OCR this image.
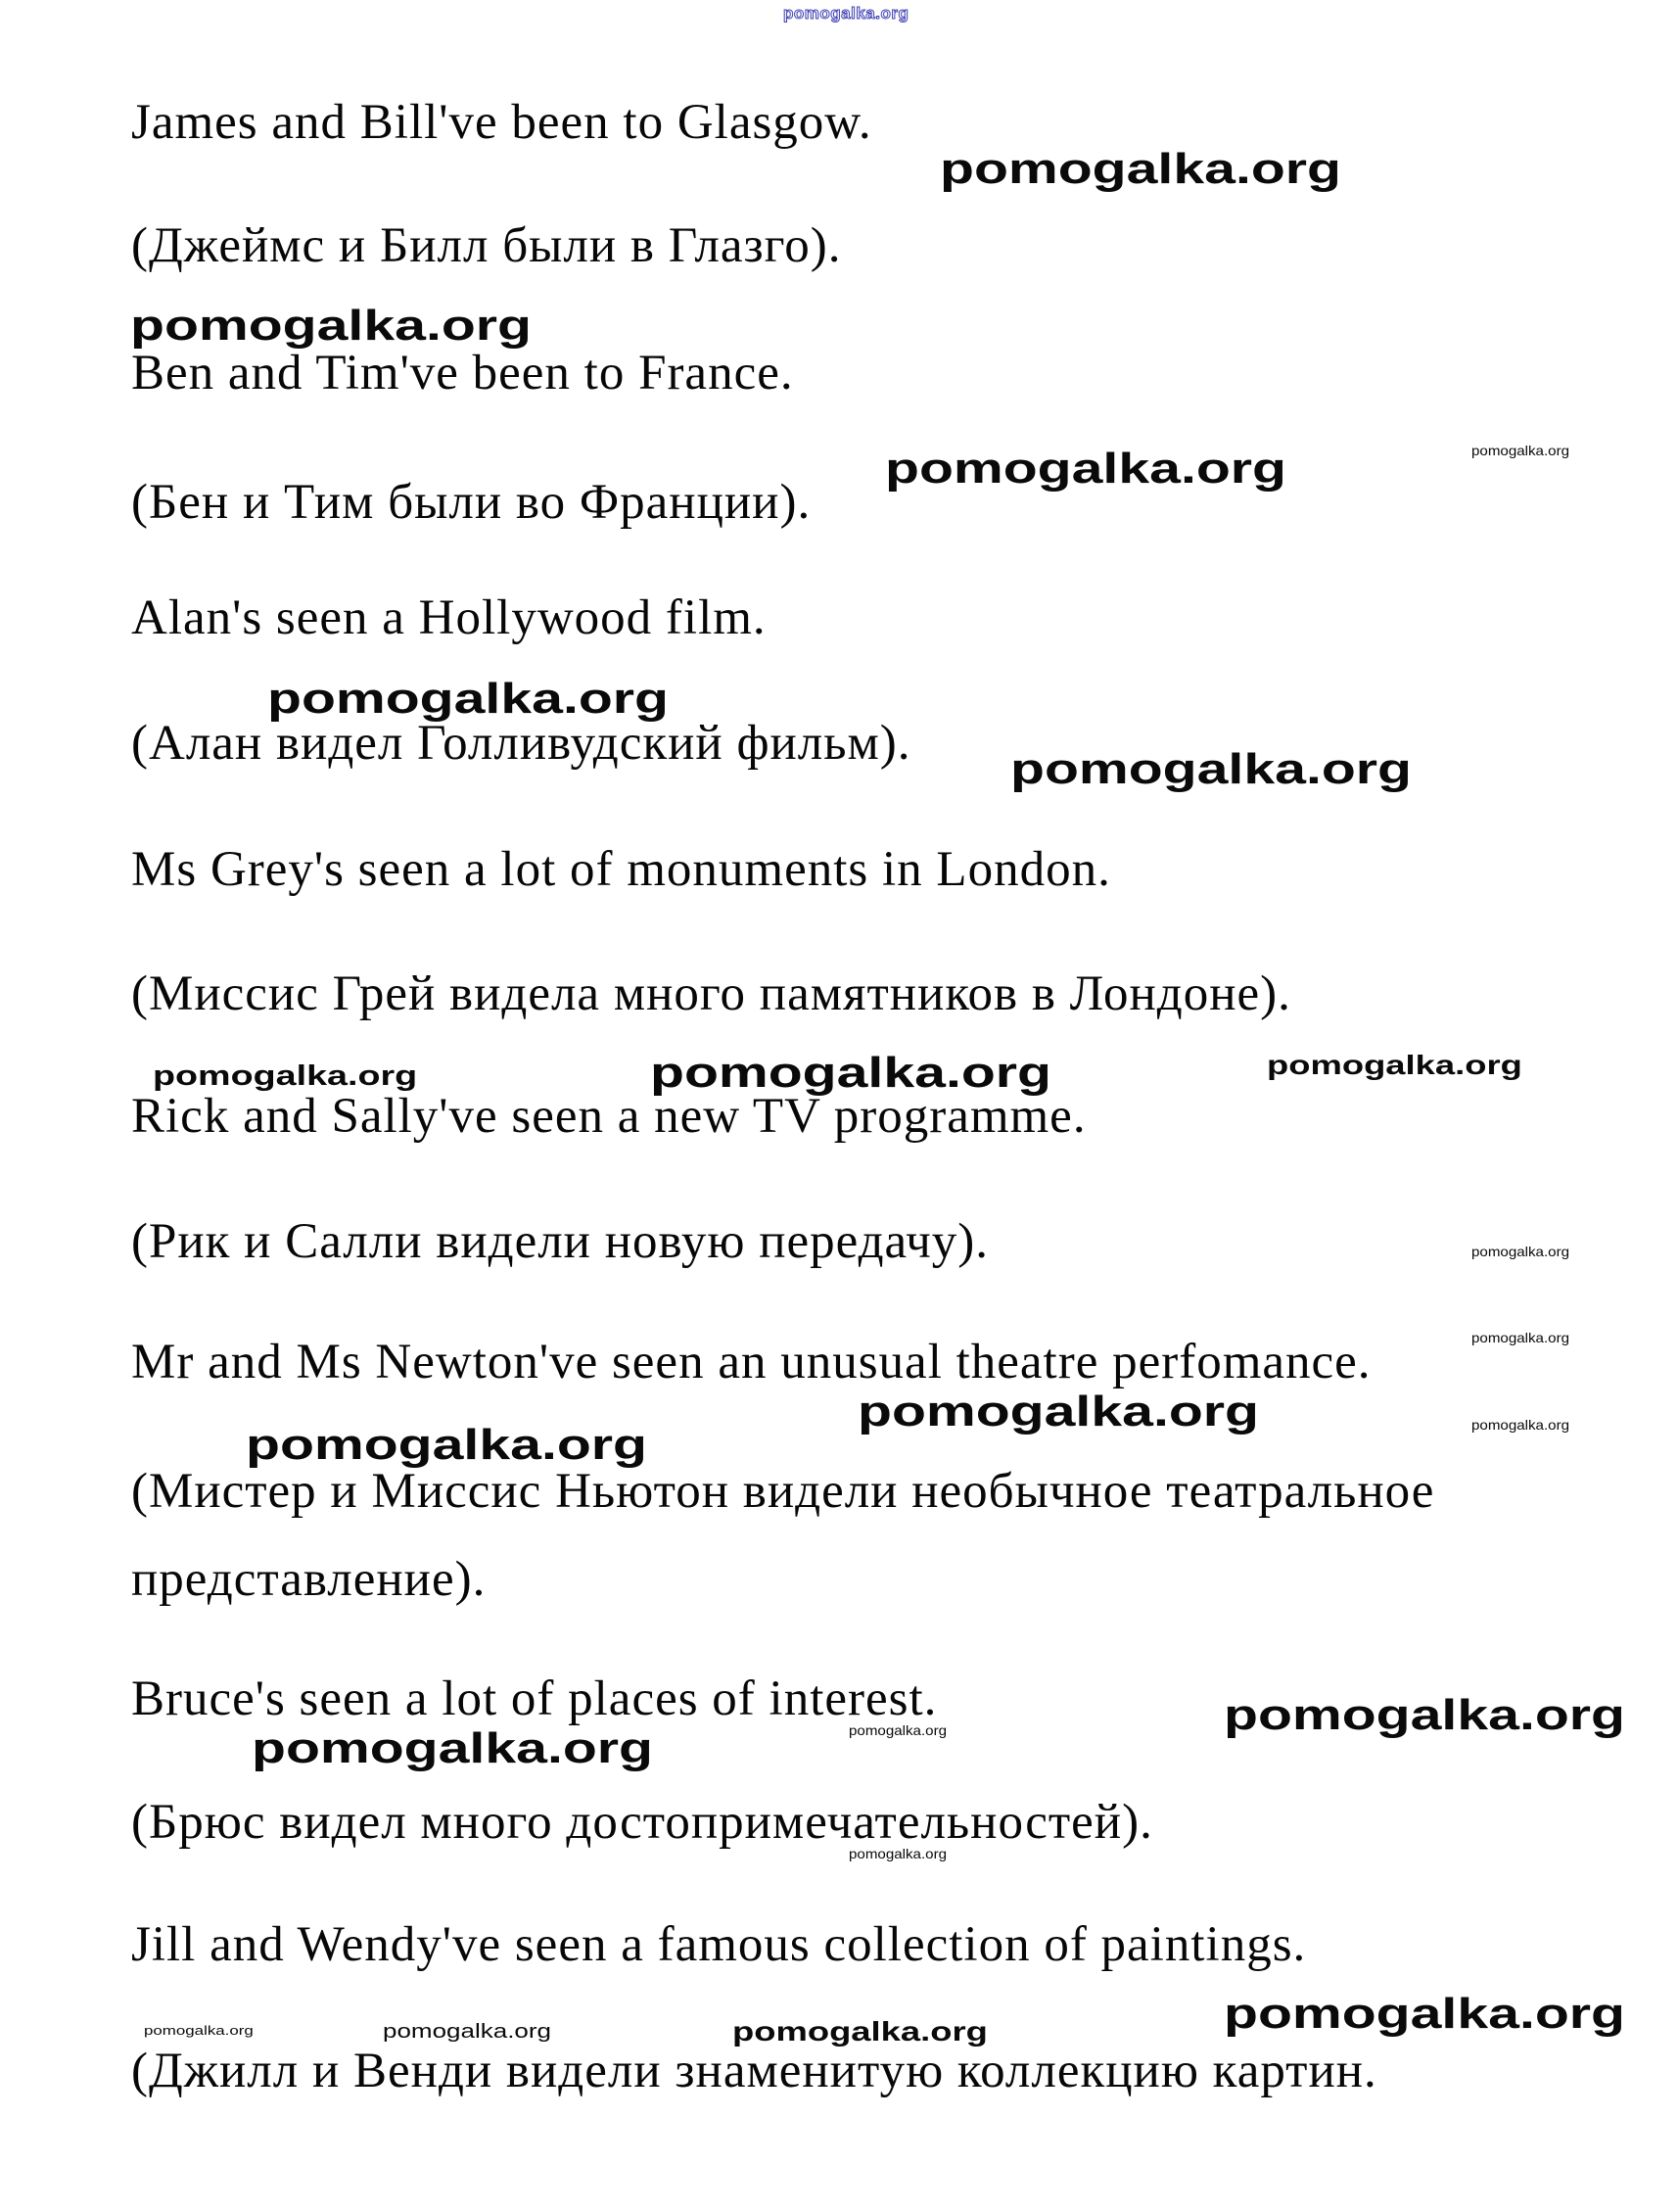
pomogalka.org
James and Bill've been to Glasgow.
pomogalka.org
(Джеймс и Билл были в Глазго).
pomogalka.org
Ben and Tim've been to France.
pomogalka.org
pomogalka.org
(Бен и Тим были во Франции).
Alan's seen a Hollywood film.
pomogalka.org
(Алан видел Голливудский фильм). pomogalka.org
Ms Grey's seen a lot of monuments in London.
(Миссис Грей видела много памятников в Лондоне).
pomogalka.org	pomogalka.org
pomogalka.org
Rick and Sally've seen a new TV programme.
(Рик и Салли видели новую передачу).	pomogalka.org
pomogalka.org
Mr and Ms Newton've seen an unusual theatre perfomance.
pomogalka.org	pomogalka.org
pomogalka.org
(Мистер и Миссис Ньютон видели необычное театральное
представление).
Bruce's seen a lot of places of interest.	pomogalka.org
pomogalka.org
pomogalka.org
(Брюс видел много достопримечательностей).
pomogalka.org
Jill and Wendy've seen a famous collection of paintings.
pomogalka.org
pomogalka.org	pomogalka.org	pomogalka.org
(Джилл и Венди видели знаменитую коллекцию картин.
